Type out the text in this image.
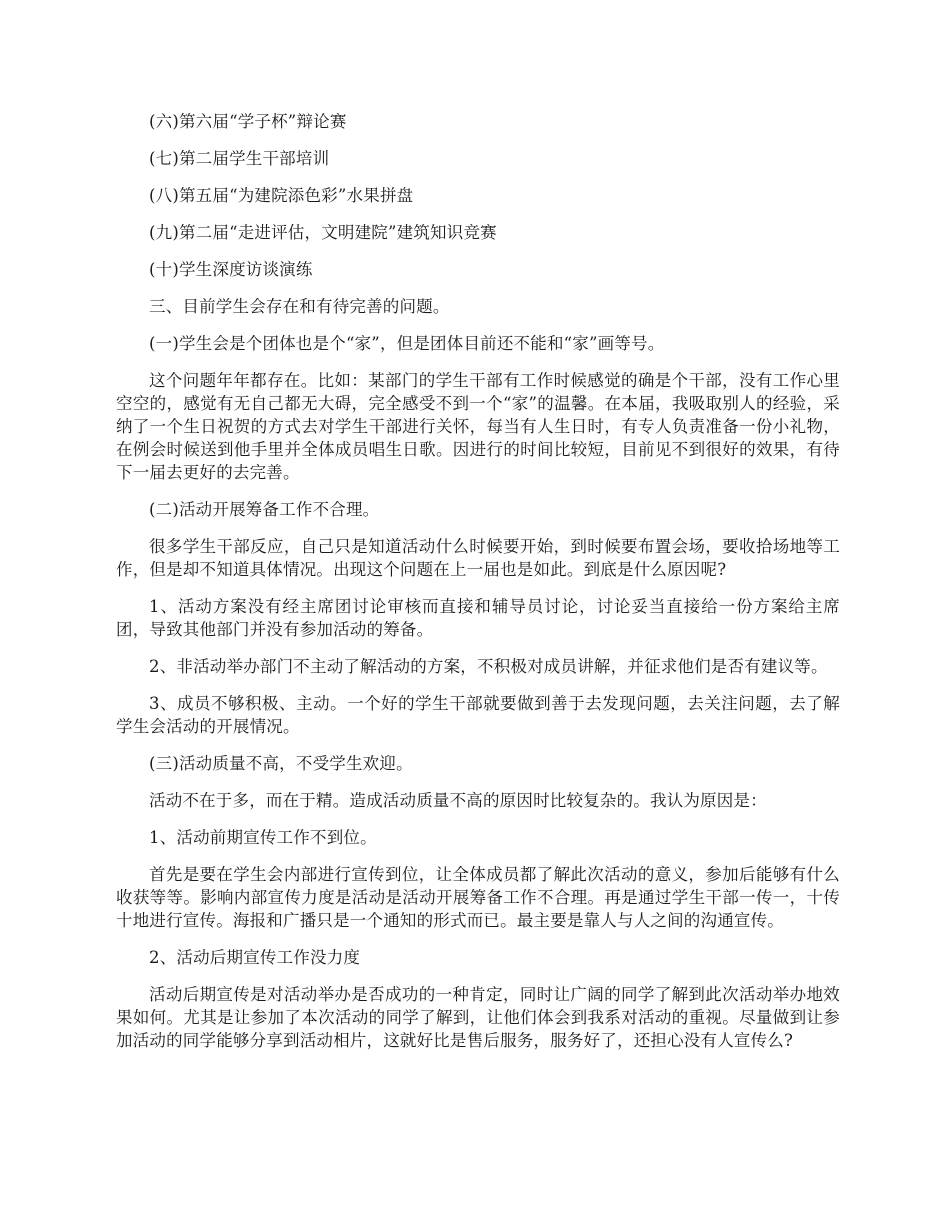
(六)第六届“学子杯”辩论赛

(七)第二届学生干部培训

(八)第五届“为建院添色彩”水果拼盘

(九)第二届“走进评估，文明建院”建筑知识竞赛

(十)学生深度访谈演练

三、目前学生会存在和有待完善的问题。

(一)学生会是个团体也是个“家”，但是团体目前还不能和“家”画等号。

这个问题年年都存在。比如：某部门的学生干部有工作时候感觉的确是个干部，没有工作心里空空的，感觉有无自己都无大碍，完全感受不到一个“家”的温馨。在本届，我吸取别人的经验，采纳了一个生日祝贺的方式去对学生干部进行关怀，每当有人生日时，有专人负责准备一份小礼物，在例会时候送到他手里并全体成员唱生日歌。因进行的时间比较短，目前见不到很好的效果，有待下一届去更好的去完善。

(二)活动开展筹备工作不合理。

很多学生干部反应，自己只是知道活动什么时候要开始，到时候要布置会场，要收拾场地等工作，但是却不知道具体情况。出现这个问题在上一届也是如此。到底是什么原因呢?

1、活动方案没有经主席团讨论审核而直接和辅导员讨论，讨论妥当直接给一份方案给主席团，导致其他部门并没有参加活动的筹备。

2、非活动举办部门不主动了解活动的方案，不积极对成员讲解，并征求他们是否有建议等。

3、成员不够积极、主动。一个好的学生干部就要做到善于去发现问题，去关注问题，去了解学生会活动的开展情况。

(三)活动质量不高，不受学生欢迎。

活动不在于多，而在于精。造成活动质量不高的原因时比较复杂的。我认为原因是：

1、活动前期宣传工作不到位。

首先是要在学生会内部进行宣传到位，让全体成员都了解此次活动的意义，参加后能够有什么收获等等。影响内部宣传力度是活动是活动开展筹备工作不合理。再是通过学生干部一传一，十传十地进行宣传。海报和广播只是一个通知的形式而已。最主要是靠人与人之间的沟通宣传。

2、活动后期宣传工作没力度

活动后期宣传是对活动举办是否成功的一种肯定，同时让广阔的同学了解到此次活动举办地效果如何。尤其是让参加了本次活动的同学了解到，让他们体会到我系对活动的重视。尽量做到让参加活动的同学能够分享到活动相片，这就好比是售后服务，服务好了，还担心没有人宣传么?
